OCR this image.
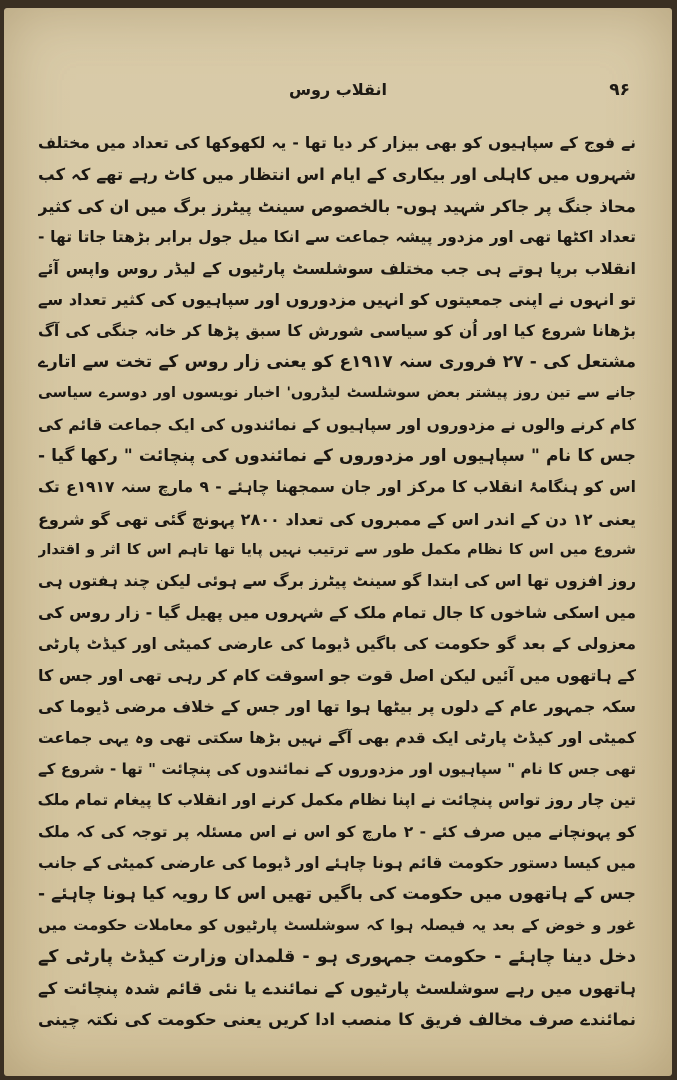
انقلاب روس	۹۶
نے فوج کے سپاہیوں کو بھی بیزار کر دیا تھا - یہ لکھوکھا کی تعداد میں مختلف
شہروں میں کاہلی اور بیکاری کے ایام اس انتظار میں کاٹ رہے تھے کہ کب
محاذ جنگ پر جاکر شہید ہوں- بالخصوص سینٹ پیٹرز برگ میں ان کی کثیر
تعداد اکٹھا تھی اور مزدور پیشہ جماعت سے انکا میل جول برابر بڑھتا جاتا تھا -
انقلاب برپا ہوتے ہی جب مختلف سوشلسٹ پارٹیوں کے لیڈر روس واپس آئے
تو انہوں نے اپنی جمعیتوں کو انہیں مزدوروں اور سپاہیوں کی کثیر تعداد سے
بڑھانا شروع کیا اور اُن کو سیاسی شورش کا سبق پڑھا کر خانہ جنگی کی آگ
مشتعل کی - ۲۷ فروری سنہ ۱۹۱۷ع کو یعنی زار روس کے تخت سے اتارے
جانے سے تین روز پیشتر بعض سوشلسٹ لیڈروں' اخبار نویسوں اور دوسرے سیاسی
کام کرنے والوں نے مزدوروں اور سپاہیوں کے نمائندوں کی ایک جماعت قائم کی
جس کا نام " سپاہیوں اور مزدوروں کے نمائندوں کی پنچائت " رکھا گیا -
اس کو ہنگامۂ انقلاب کا مرکز اور جان سمجھنا چاہئے - ۹ مارچ سنہ ۱۹۱۷ع تک
یعنی ۱۲ دن کے اندر اس کے ممبروں کی تعداد ۲۸۰۰ پہونچ گئی تھی گو شروع
شروع میں اس کا نظام مکمل طور سے ترتیب نہیں پایا تھا تاہم اس کا اثر و اقتدار
روز افزوں تھا اس کی ابتدا گو سینٹ پیٹرز برگ سے ہوئی لیکن چند ہفتوں ہی
میں اسکی شاخوں کا جال تمام ملک کے شہروں میں پھیل گیا - زار روس کی
معزولی کے بعد گو حکومت کی باگیں ڈیوما کی عارضی کمیٹی اور کیڈٹ پارٹی
کے ہاتھوں میں آئیں لیکن اصل قوت جو اسوقت کام کر رہی تھی اور جس کا
سکہ جمہور عام کے دلوں پر بیٹھا ہوا تھا اور جس کے خلاف مرضی ڈیوما کی
کمیٹی اور کیڈٹ پارٹی ایک قدم بھی آگے نہیں بڑھا سکتی تھی وہ یہی جماعت
تھی جس کا نام " سپاہیوں اور مزدوروں کے نمائندوں کی پنچائت " تھا - شروع کے
تین چار روز تواس پنچائت نے اپنا نظام مکمل کرنے اور انقلاب کا پیغام تمام ملک
کو پہونچانے میں صرف کئے - ۲ مارچ کو اس نے اس مسئلہ پر توجہ کی کہ ملک
میں کیسا دستور حکومت قائم ہونا چاہئے اور ڈیوما کی عارضی کمیٹی کے جانب
جس کے ہاتھوں میں حکومت کی باگیں تھیں اس کا رویہ کیا ہونا چاہئے -
غور و خوض کے بعد یہ فیصلہ ہوا کہ سوشلسٹ پارٹیوں کو معاملات حکومت میں
دخل دینا چاہئے - حکومت جمہوری ہو - قلمدان وزارت کیڈٹ پارٹی کے
ہاتھوں میں رہے سوشلسٹ پارٹیوں کے نمائندے یا نئی قائم شدہ پنچائت کے
نمائندے صرف مخالف فریق کا منصب ادا کریں یعنی حکومت کی نکتہ چینی
